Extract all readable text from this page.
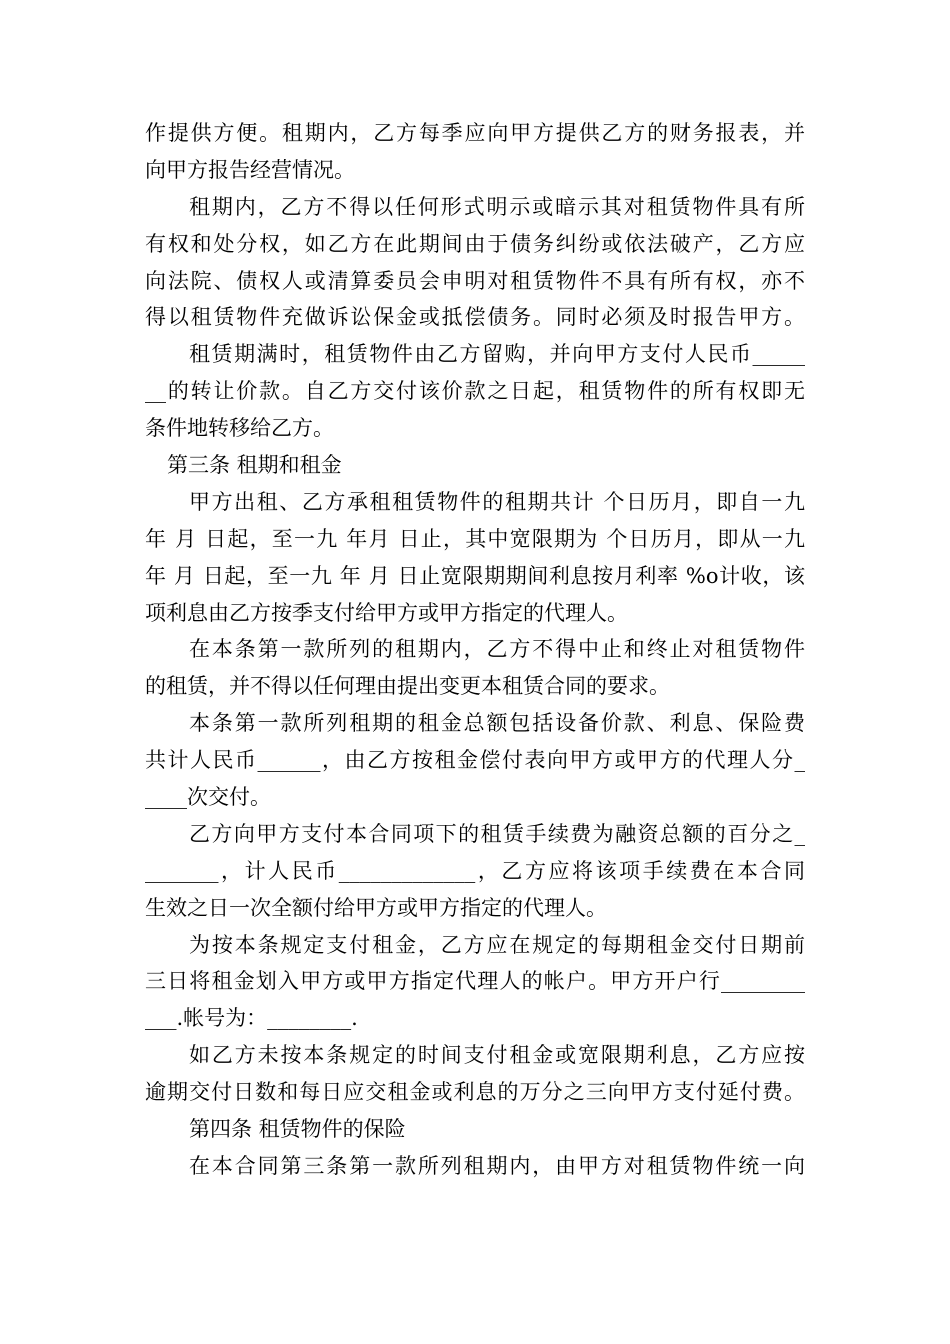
作提供方便。租期内，乙方每季应向甲方提供乙方的财务报表，并
向甲方报告经营情况。
租期内，乙方不得以任何形式明示或暗示其对租赁物件具有所
有权和处分权，如乙方在此期间由于债务纠纷或依法破产，乙方应
向法院、债权人或清算委员会申明对租赁物件不具有所有权，亦不
得以租赁物件充做诉讼保金或抵偿债务。同时必须及时报告甲方。
租赁期满时，租赁物件由乙方留购，并向甲方支付人民币_____
__的转让价款。自乙方交付该价款之日起，租赁物件的所有权即无
条件地转移给乙方。
第三条 租期和租金
甲方出租、乙方承租租赁物件的租期共计 个日历月，即自一九
年 月 日起，至一九 年月 日止，其中宽限期为 个日历月，即从一九
年 月 日起，至一九 年 月 日止宽限期期间利息按月利率 %o计收，该
项利息由乙方按季支付给甲方或甲方指定的代理人。
在本条第一款所列的租期内，乙方不得中止和终止对租赁物件
的租赁，并不得以任何理由提出变更本租赁合同的要求。
本条第一款所列租期的租金总额包括设备价款、利息、保险费
共计人民币______，由乙方按租金偿付表向甲方或甲方的代理人分_
____次交付。
乙方向甲方支付本合同项下的租赁手续费为融资总额的百分之_
_______，计人民币_____________，乙方应将该项手续费在本合同
生效之日一次全额付给甲方或甲方指定的代理人。
为按本条规定支付租金，乙方应在规定的每期租金交付日期前
三日将租金划入甲方或甲方指定代理人的帐户。甲方开户行________
___.帐号为：________.
如乙方未按本条规定的时间支付租金或宽限期利息，乙方应按
逾期交付日数和每日应交租金或利息的万分之三向甲方支付延付费。
第四条 租赁物件的保险
在本合同第三条第一款所列租期内，由甲方对租赁物件统一向
